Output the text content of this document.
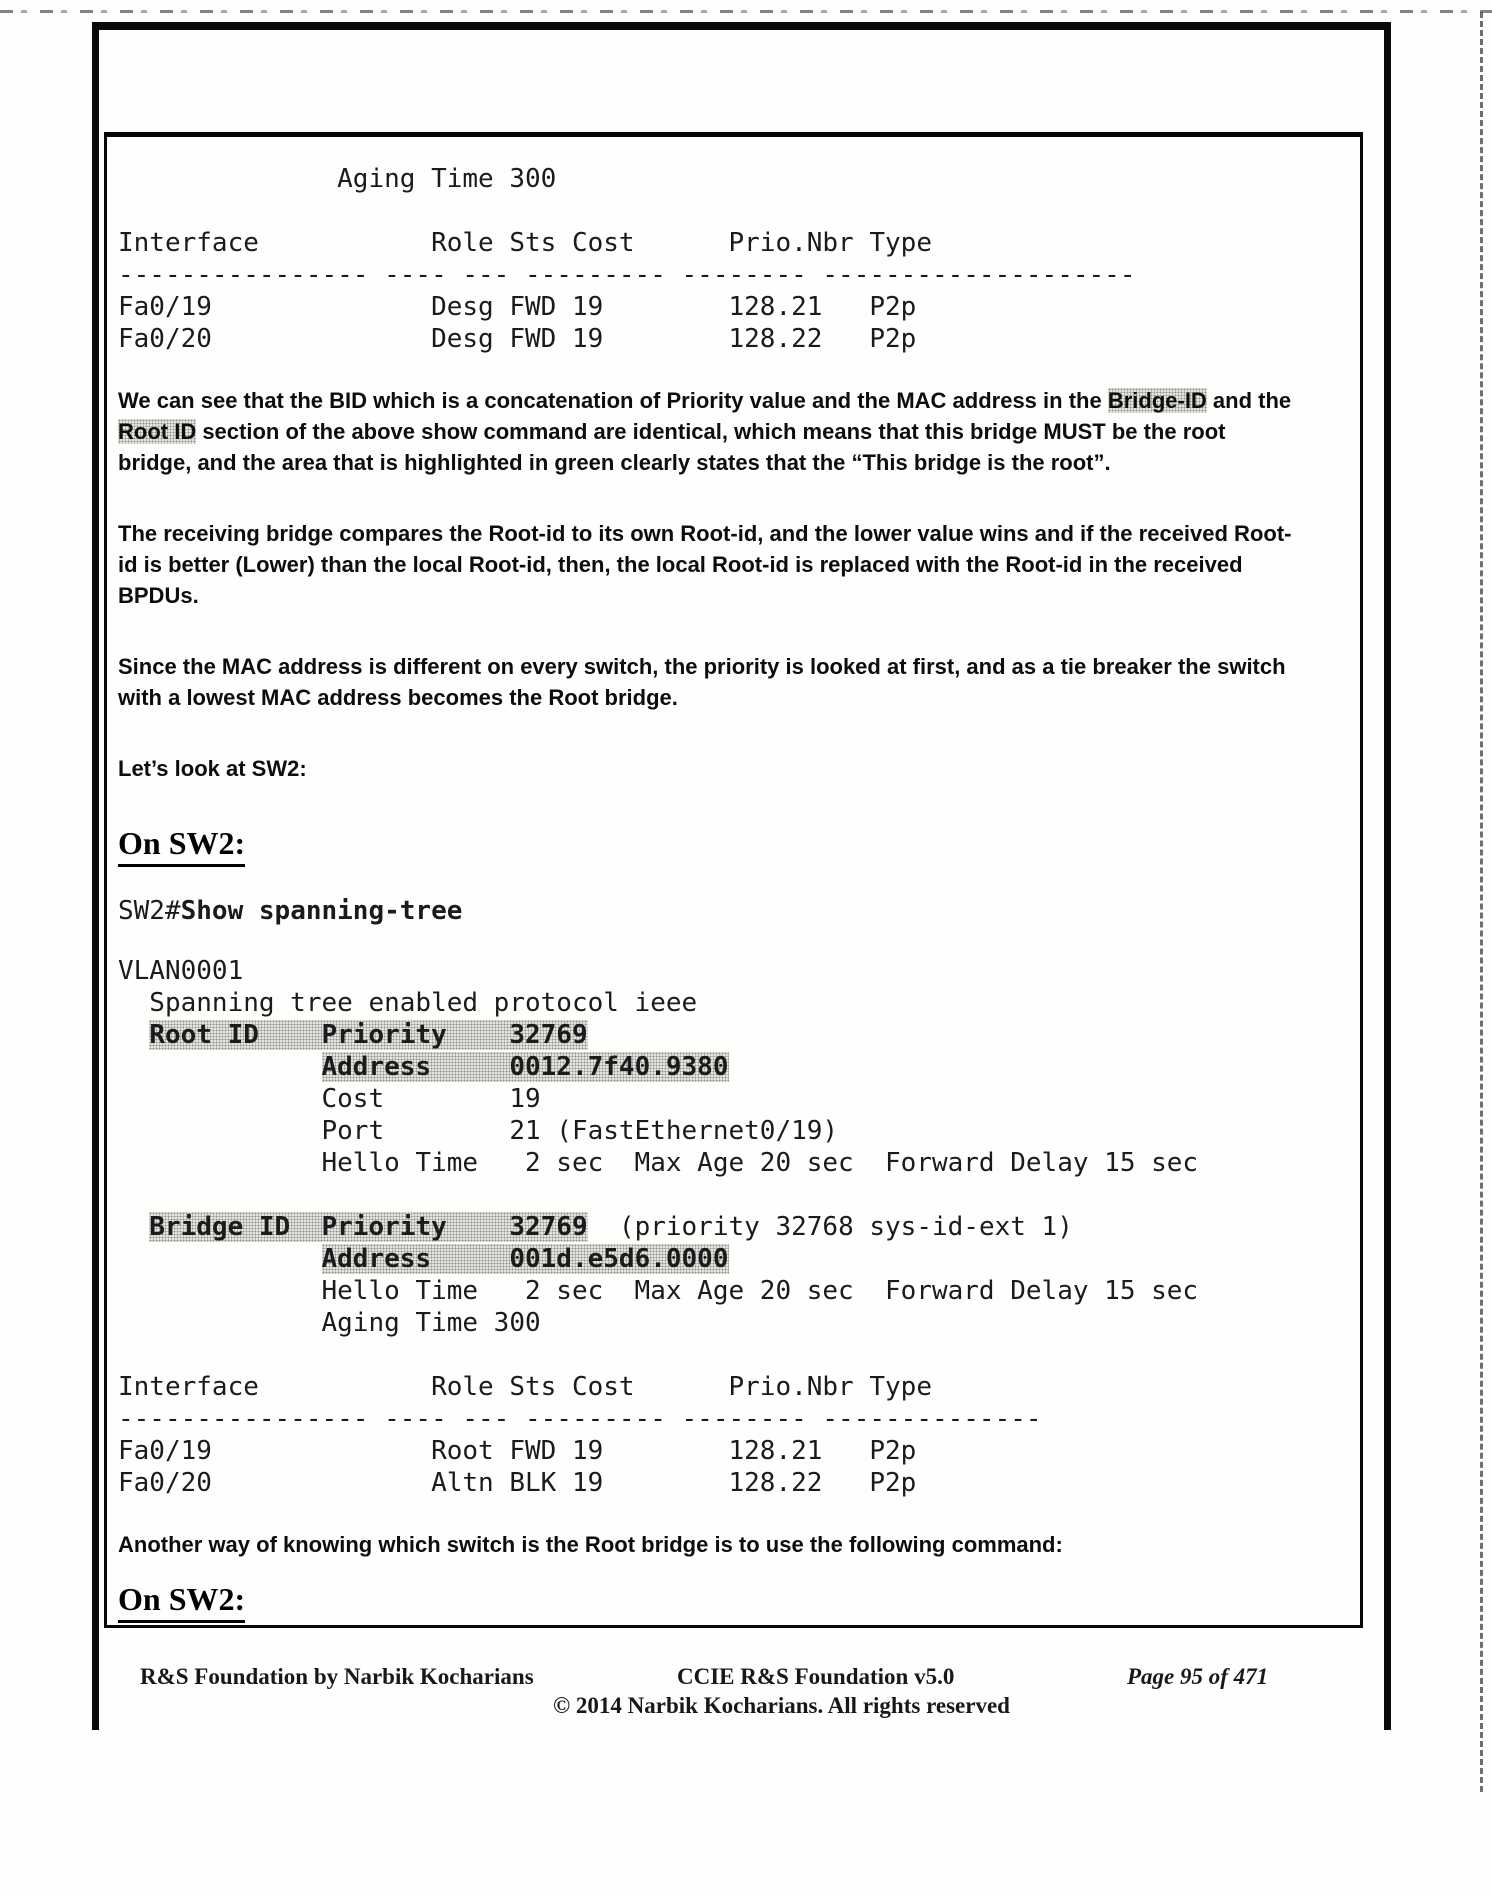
Aging Time 300

Interface           Role Sts Cost      Prio.Nbr Type
---------------- ---- --- --------- -------- --------------------
Fa0/19              Desg FWD 19        128.21   P2p
Fa0/20              Desg FWD 19        128.22   P2p

We can see that the BID which is a concatenation of Priority value and the MAC address in the Bridge-ID and the Root ID section of the above show command are identical, which means that this bridge MUST be the root bridge, and the area that is highlighted in green clearly states that the “This bridge is the root”.

The receiving bridge compares the Root-id to its own Root-id, and the lower value wins and if the received Root-id is better (Lower) than the local Root-id, then, the local Root-id is replaced with the Root-id in the received BPDUs.

Since the MAC address is different on every switch, the priority is looked at first, and as a tie breaker the switch with a lowest MAC address becomes the Root bridge.

Let’s look at SW2:

On SW2:
SW2#Show spanning-tree
VLAN0001
Spanning tree enabled protocol ieee
Root ID    Priority    32769
Address     0012.7f40.9380
Cost        19
Port        21 (FastEthernet0/19)
Hello Time   2 sec  Max Age 20 sec  Forward Delay 15 sec

Bridge ID  Priority    32769  (priority 32768 sys-id-ext 1)
Address     001d.e5d6.0000
Hello Time   2 sec  Max Age 20 sec  Forward Delay 15 sec
Aging Time 300

Interface           Role Sts Cost      Prio.Nbr Type
---------------- ---- --- --------- -------- --------------
Fa0/19              Root FWD 19        128.21   P2p
Fa0/20              Altn BLK 19        128.22   P2p

Another way of knowing which switch is the Root bridge is to use the following command:

On SW2:
R&S Foundation by Narbik Kocharians	CCIE R&S Foundation v5.0	Page 95 of 471
© 2014 Narbik Kocharians. All rights reserved
